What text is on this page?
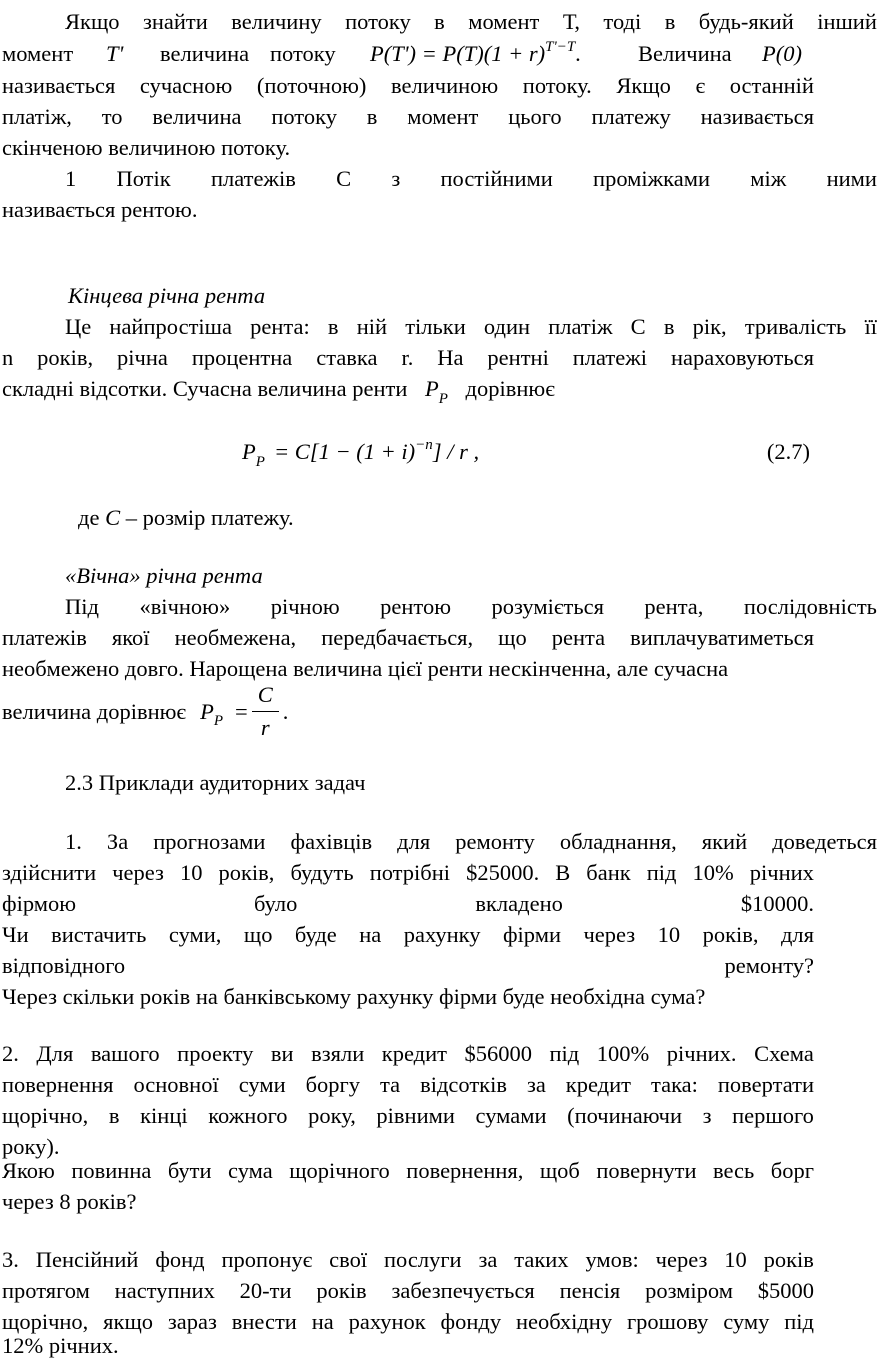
Якщо знайти величину потоку в момент Т, тоді в будь-який інший
момент T' величина потоку $P(T') = P(T)(1 + r)^{T'-T}$.	Величина P(0)
називається сучасною (поточною) величиною потоку. Якщо є останній
платіж, то величина потоку в момент цього платежу називається
скінченою величиною потоку.
1 Потік платежів С з постійними проміжками між ними
називається рентою.
Кінцева річна рента
Це найпростіша рента: в ній тільки один платіж С в рік, тривалість її
n років, річна процентна ставка r. На рентні платежі нараховуються
складні відсотки. Сучасна величина ренти $P_P$ дорівнює
$P_P = C[1 - (1 + i)^{-n}] / r$ ,	(2.7)
де C – розмір платежу.
«Вічна» річна рента
Під «вічною» річною рентою розуміється рента, послідовність
платежів якої необмежена, передбачається, що рента виплачуватиметься
необмежено довго. Нарощена величина цієї ренти нескінченна, але сучасна
величина дорівнює $P_P = \frac{C}{r}$ .
2.3 Приклади аудиторних задач
1. За прогнозами фахівців для ремонту обладнання, який доведеться
здійснити через 10 років, будуть потрібні $25000. В банк під 10% річних
фірмою	було	вкладено	$10000.
Чи вистачить суми, що буде на рахунку фірми через 10 років, для
відповідного	ремонту?
Через скільки років на банківському рахунку фірми буде необхідна сума?
2. Для вашого проекту ви взяли кредит $56000 під 100% річних. Схема
повернення основної суми боргу та відсотків за кредит така: повертати
щорічно, в кінці кожного року, рівними сумами (починаючи з першого
року).
Якою повинна бути сума щорічного повернення, щоб повернути весь борг
через 8 років?
3. Пенсійний фонд пропонує свої послуги за таких умов: через 10 років
протягом наступних 20-ти років забезпечується пенсія розміром $5000
щорічно, якщо зараз внести на рахунок фонду необхідну грошову суму під
12% річних.
